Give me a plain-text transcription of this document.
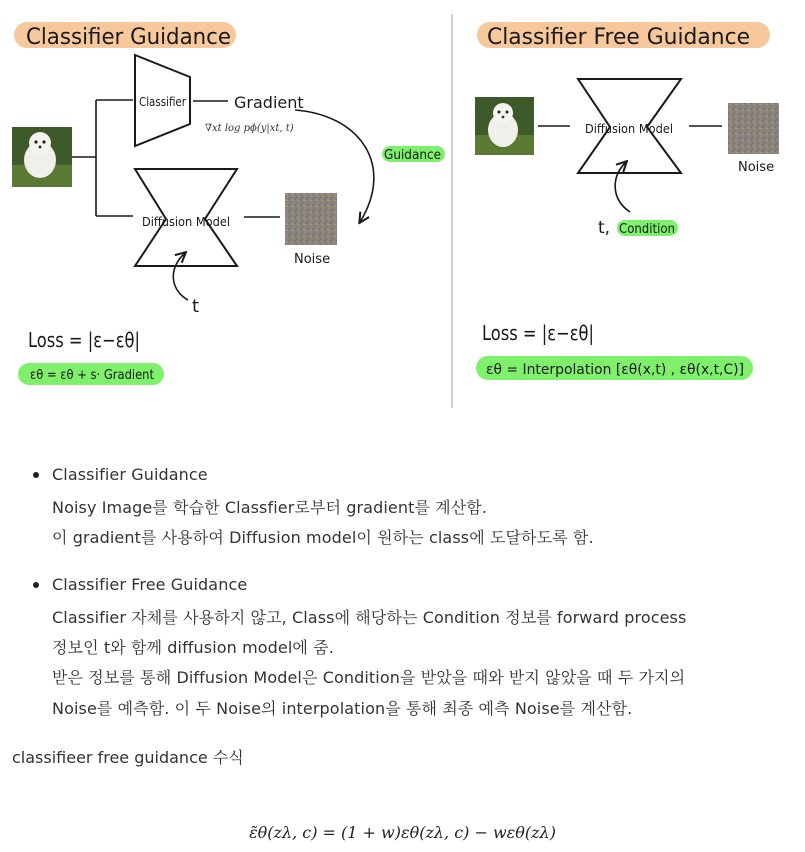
Classifier Guidance
Classifier	Gradient
∇xt log pϕ(y|xt, t)
Guidance
Diffusion Model
Noise
t
Loss = |ε−εθ|
εθ = εθ + s· Gradient
Classifier Free Guidance
Diffusion Model
Noise
t, Condition
Loss = |ε−εθ|
εθ = Interpolation [εθ(x,t) , εθ(x,t,C)]
Classifier Guidance
Noisy Image를 학습한 Classfier로부터 gradient를 계산함.
이 gradient를 사용하여 Diffusion model이 원하는 class에 도달하도록 함.
Classifier Free Guidance
Classifier 자체를 사용하지 않고, Class에 해당하는 Condition 정보를 forward process
정보인 t와 함께 diffusion model에 줌.
받은 정보를 통해 Diffusion Model은 Condition을 받았을 때와 받지 않았을 때 두 가지의
Noise를 예측함. 이 두 Noise의 interpolation을 통해 최종 예측 Noise를 계산함.
classifieer free guidance 수식
ε̃θ(zλ, c) = (1 + w)εθ(zλ, c) − wεθ(zλ)
